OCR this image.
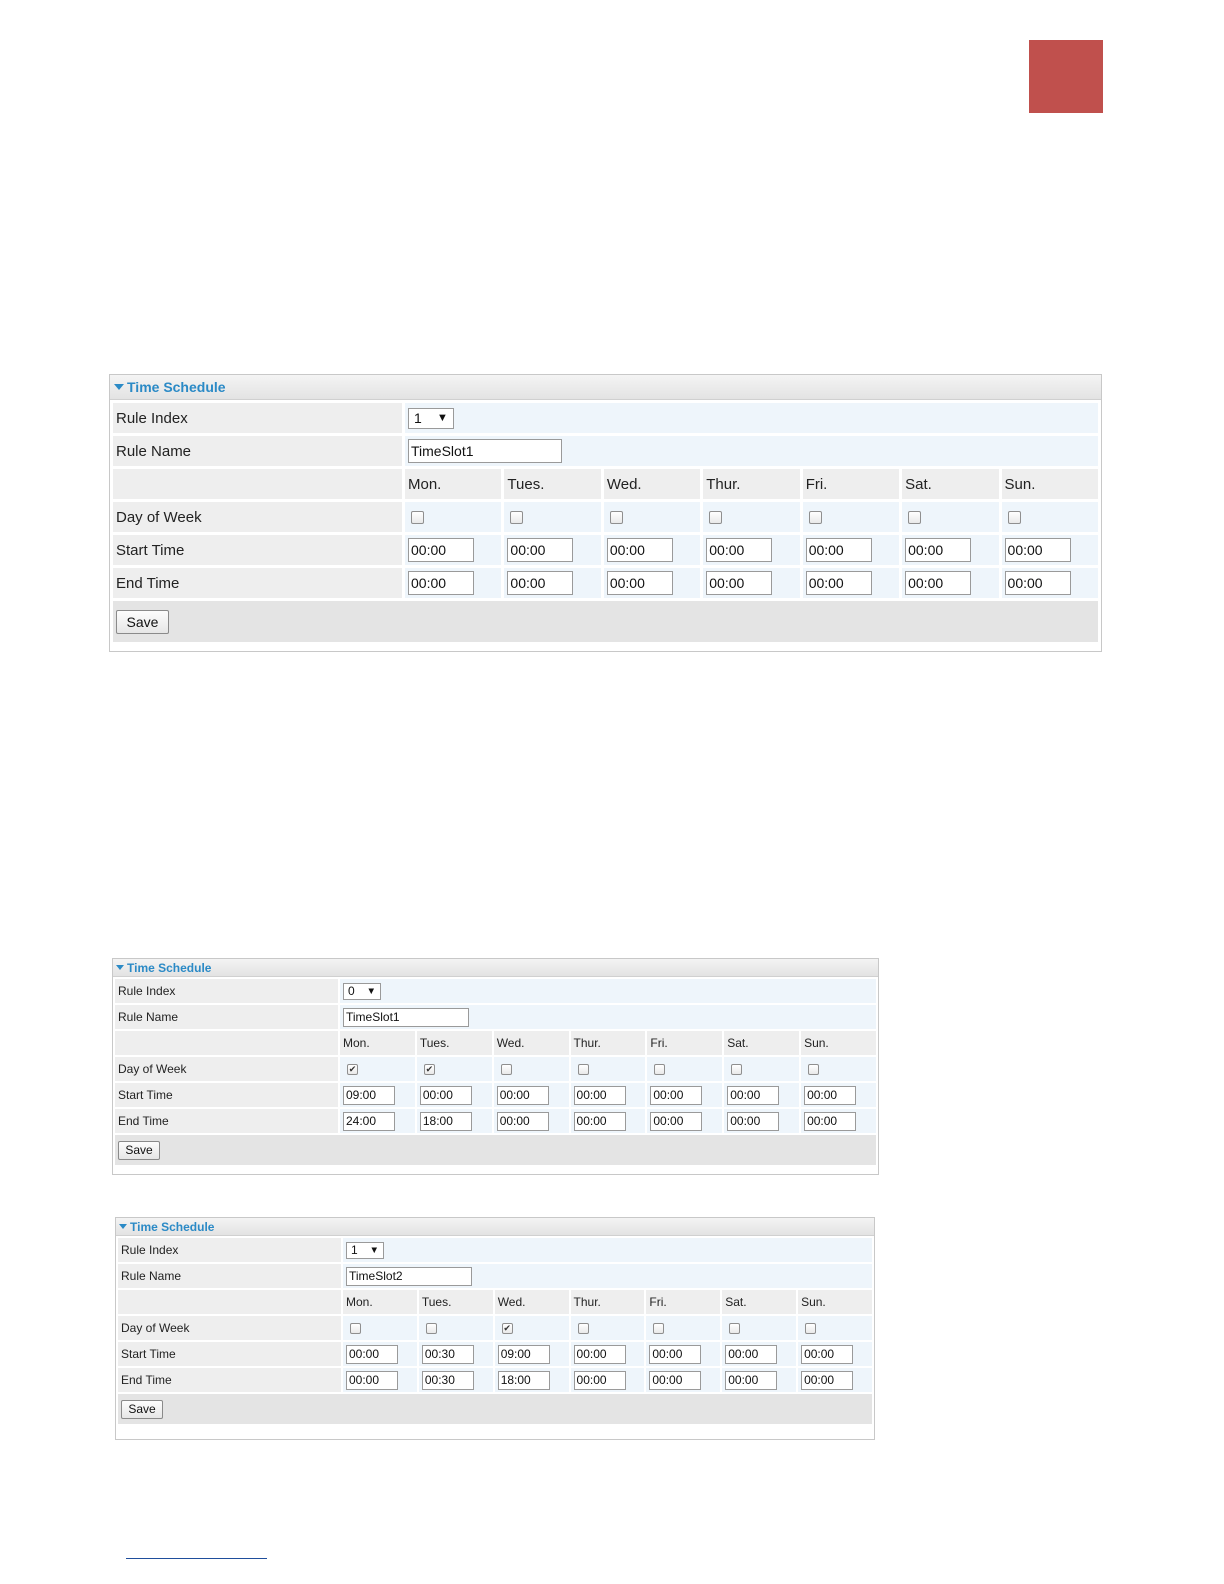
Time Schedule
Rule Index	1 ▼						

Rule Name	TimeSlot1
	Mon.	Tues.	Wed.	Thur.	Fri.	Sat.	Sun.
Day of Week							
Start Time	00:00	00:00	00:00	00:00	00:00	00:00	00:00
End Time	00:00	00:00	00:00	00:00	00:00	00:00	00:00
Save
Time Schedule
Rule Index	0 ▼						

Rule Name	TimeSlot1
	Mon.	Tues.	Wed.	Thur.	Fri.	Sat.	Sun.
Day of Week	✔	✔					
Start Time	09:00	00:00	00:00	00:00	00:00	00:00	00:00
End Time	24:00	18:00	00:00	00:00	00:00	00:00	00:00
Save
Time Schedule
Rule Index	1 ▼						

Rule Name	TimeSlot2
	Mon.	Tues.	Wed.	Thur.	Fri.	Sat.	Sun.
Day of Week			✔				
Start Time	00:00	00:30	09:00	00:00	00:00	00:00	00:00
End Time	00:00	00:30	18:00	00:00	00:00	00:00	00:00
Save
